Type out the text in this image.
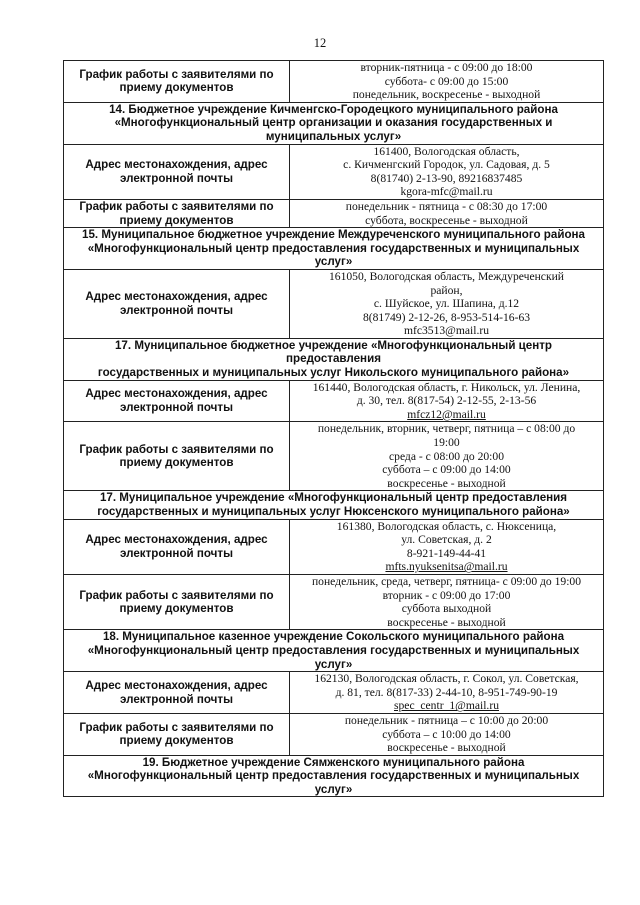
12
График работы с заявителями по приему документов	вторник-пятница - с 09:00 до 18:00
суббота- с 09:00 до 15:00
понедельник, воскресенье - выходной

14. Бюджетное учреждение Кичменгско-Городецкого муниципального района
«Многофункциональный центр организации и оказания государственных и
муниципальных услуг»	

Адрес местонахождения, адрес электронной почты	161400, Вологодская область,
с. Кичменгский Городок, ул. Садовая, д. 5
8(81740) 2-13-90, 89216837485
kgora-mfc@mail.ru

График работы с заявителями по приему документов	понедельник - пятница - с 08:30 до 17:00
суббота, воскресенье - выходной

15. Муниципальное бюджетное учреждение Междуреченского муниципального района
«Многофункциональный центр предоставления государственных и муниципальных
услуг»	

Адрес местонахождения, адрес электронной почты	161050, Вологодская область, Междуреченский
район,
с. Шуйское, ул. Шапина, д.12
8(81749) 2-12-26, 8-953-514-16-63
mfc3513@mail.ru

17. Муниципальное бюджетное учреждение «Многофункциональный центр
предоставления
государственных и муниципальных услуг Никольского муниципального района»	

Адрес местонахождения, адрес электронной почты	161440, Вологодская область, г. Никольск, ул. Ленина,
д. 30, тел. 8(817-54) 2-12-55, 2-13-56
mfcz12@mail.ru

График работы с заявителями по приему документов	понедельник, вторник, четверг, пятница – с 08:00 до
19:00
среда - с 08:00 до 20:00
суббота – с 09:00 до 14:00
воскресенье - выходной

17. Муниципальное учреждение «Многофункциональный центр предоставления
государственных и муниципальных услуг Нюксенского муниципального района»	

Адрес местонахождения, адрес электронной почты	161380, Вологодская область, с. Нюксеница,
ул. Советская, д. 2
8-921-149-44-41
mfts.nyuksenitsa@mail.ru

График работы с заявителями по приему документов	понедельник, среда, четверг, пятница- с 09:00 до 19:00
вторник - с 09:00 до 17:00
суббота выходной
воскресенье - выходной

18. Муниципальное казенное учреждение Сокольского муниципального района
«Многофункциональный центр предоставления государственных и муниципальных
услуг»	

Адрес местонахождения, адрес электронной почты	162130, Вологодская область, г. Сокол, ул. Советская,
д. 81, тел. 8(817-33) 2-44-10, 8-951-749-90-19
spec_centr_1@mail.ru

График работы с заявителями по приему документов	понедельник - пятница – с 10:00 до 20:00
суббота – с 10:00 до 14:00
воскресенье - выходной

19. Бюджетное учреждение Сямженского муниципального района
«Многофункциональный центр предоставления государственных и муниципальных
услуг»	
